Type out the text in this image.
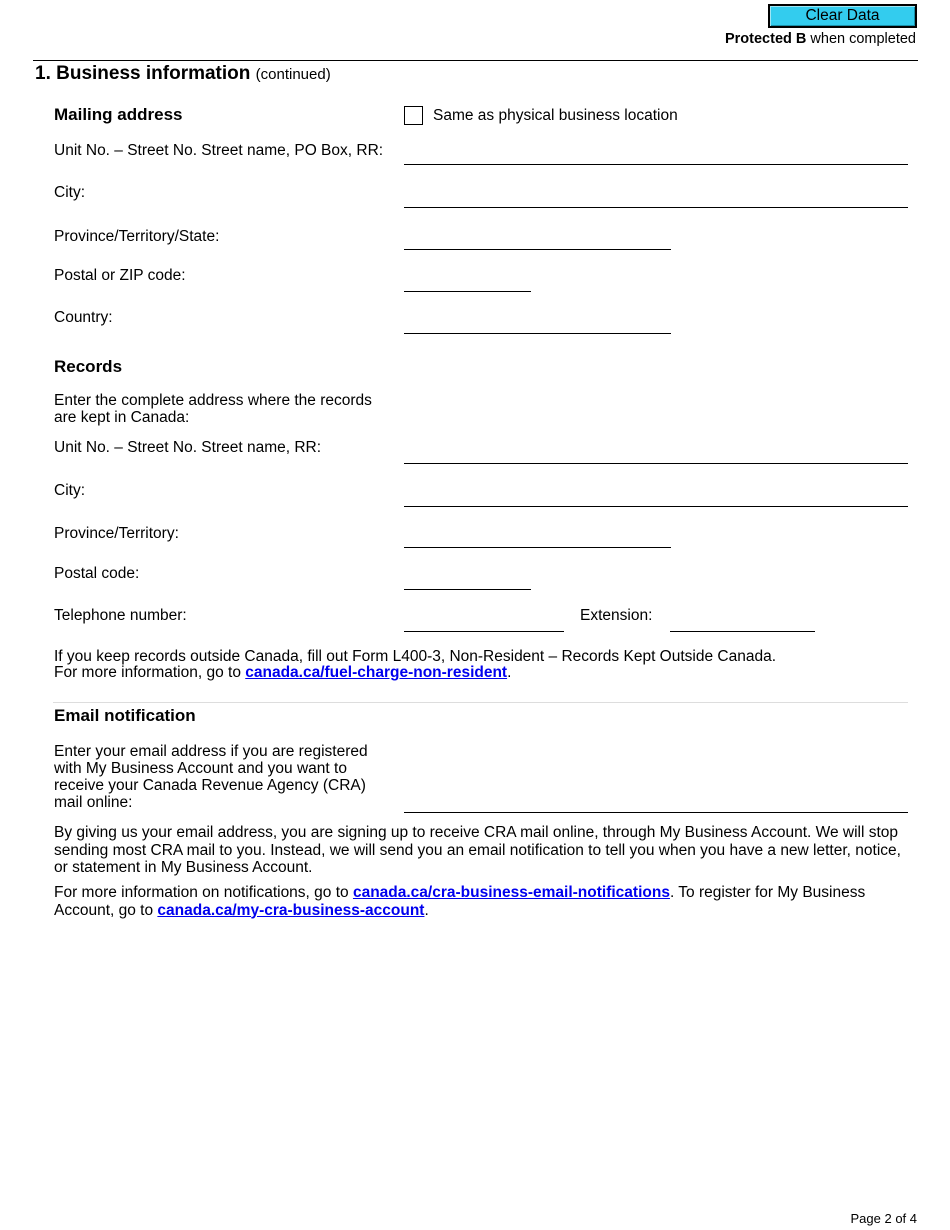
Clear Data
Protected B when completed
1. Business information (continued)
Mailing address	Same as physical business location
Unit No. – Street No. Street name, PO Box, RR:
City:
Province/Territory/State:
Postal or ZIP code:
Country:
Records
Enter the complete address where the records
are kept in Canada:
Unit No. – Street No. Street name, RR:
City:
Province/Territory:
Postal code:
Telephone number:	Extension:
If you keep records outside Canada, fill out Form L400-3, Non-Resident – Records Kept Outside Canada.
For more information, go to canada.ca/fuel-charge-non-resident.
Email notification
Enter your email address if you are registered
with My Business Account and you want to
receive your Canada Revenue Agency (CRA)
mail online:
By giving us your email address, you are signing up to receive CRA mail online, through My Business Account. We will stop sending most CRA mail to you. Instead, we will send you an email notification to tell you when you have a new letter, notice, or statement in My Business Account.
For more information on notifications, go to canada.ca/cra-business-email-notifications. To register for My Business Account, go to canada.ca/my-cra-business-account.
Page 2 of 4
